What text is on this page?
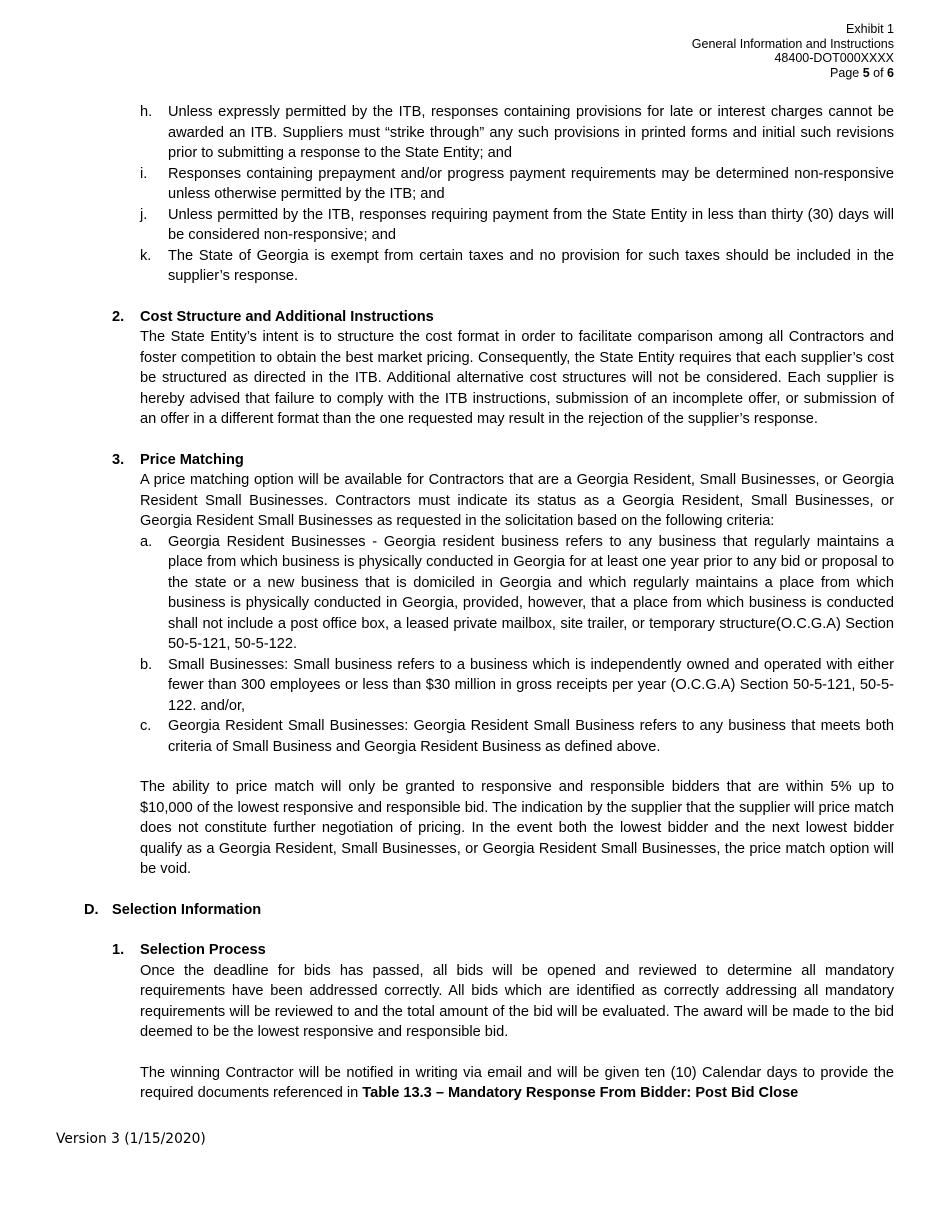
Exhibit 1
General Information and Instructions
48400-DOT000XXXX
Page 5 of 6
h.	Unless expressly permitted by the ITB, responses containing provisions for late or interest charges cannot be awarded an ITB. Suppliers must “strike through” any such provisions in printed forms and initial such revisions prior to submitting a response to the State Entity; and
i.	Responses containing prepayment and/or progress payment requirements may be determined non-responsive unless otherwise permitted by the ITB; and
j.	Unless permitted by the ITB, responses requiring payment from the State Entity in less than thirty (30) days will be considered non-responsive; and
k.	The State of Georgia is exempt from certain taxes and no provision for such taxes should be included in the supplier’s response.
2.	Cost Structure and Additional Instructions
The State Entity’s intent is to structure the cost format in order to facilitate comparison among all Contractors and foster competition to obtain the best market pricing. Consequently, the State Entity requires that each supplier’s cost be structured as directed in the ITB. Additional alternative cost structures will not be considered. Each supplier is hereby advised that failure to comply with the ITB instructions, submission of an incomplete offer, or submission of an offer in a different format than the one requested may result in the rejection of the supplier’s response.
3.	Price Matching
A price matching option will be available for Contractors that are a Georgia Resident, Small Businesses, or Georgia Resident Small Businesses. Contractors must indicate its status as a Georgia Resident, Small Businesses, or Georgia Resident Small Businesses as requested in the solicitation based on the following criteria:
a.	Georgia Resident Businesses - Georgia resident business refers to any business that regularly maintains a place from which business is physically conducted in Georgia for at least one year prior to any bid or proposal to the state or a new business that is domiciled in Georgia and which regularly maintains a place from which business is physically conducted in Georgia, provided, however, that a place from which business is conducted shall not include a post office box, a leased private mailbox, site trailer, or temporary structure(O.C.G.A) Section 50-5-121, 50-5-122.
b.	Small Businesses: Small business refers to a business which is independently owned and operated with either fewer than 300 employees or less than $30 million in gross receipts per year (O.C.G.A) Section 50-5-121, 50-5-122. and/or,
c.	Georgia Resident Small Businesses: Georgia Resident Small Business refers to any business that meets both criteria of Small Business and Georgia Resident Business as defined above.
The ability to price match will only be granted to responsive and responsible bidders that are within 5% up to $10,000 of the lowest responsive and responsible bid. The indication by the supplier that the supplier will price match does not constitute further negotiation of pricing. In the event both the lowest bidder and the next lowest bidder qualify as a Georgia Resident, Small Businesses, or Georgia Resident Small Businesses, the price match option will be void.
D. Selection Information
1.	Selection Process
Once the deadline for bids has passed, all bids will be opened and reviewed to determine all mandatory requirements have been addressed correctly. All bids which are identified as correctly addressing all mandatory requirements will be reviewed to and the total amount of the bid will be evaluated. The award will be made to the bid deemed to be the lowest responsive and responsible bid.
The winning Contractor will be notified in writing via email and will be given ten (10) Calendar days to provide the required documents referenced in Table 13.3 – Mandatory Response From Bidder: Post Bid Close
Version 3 (1/15/2020)
